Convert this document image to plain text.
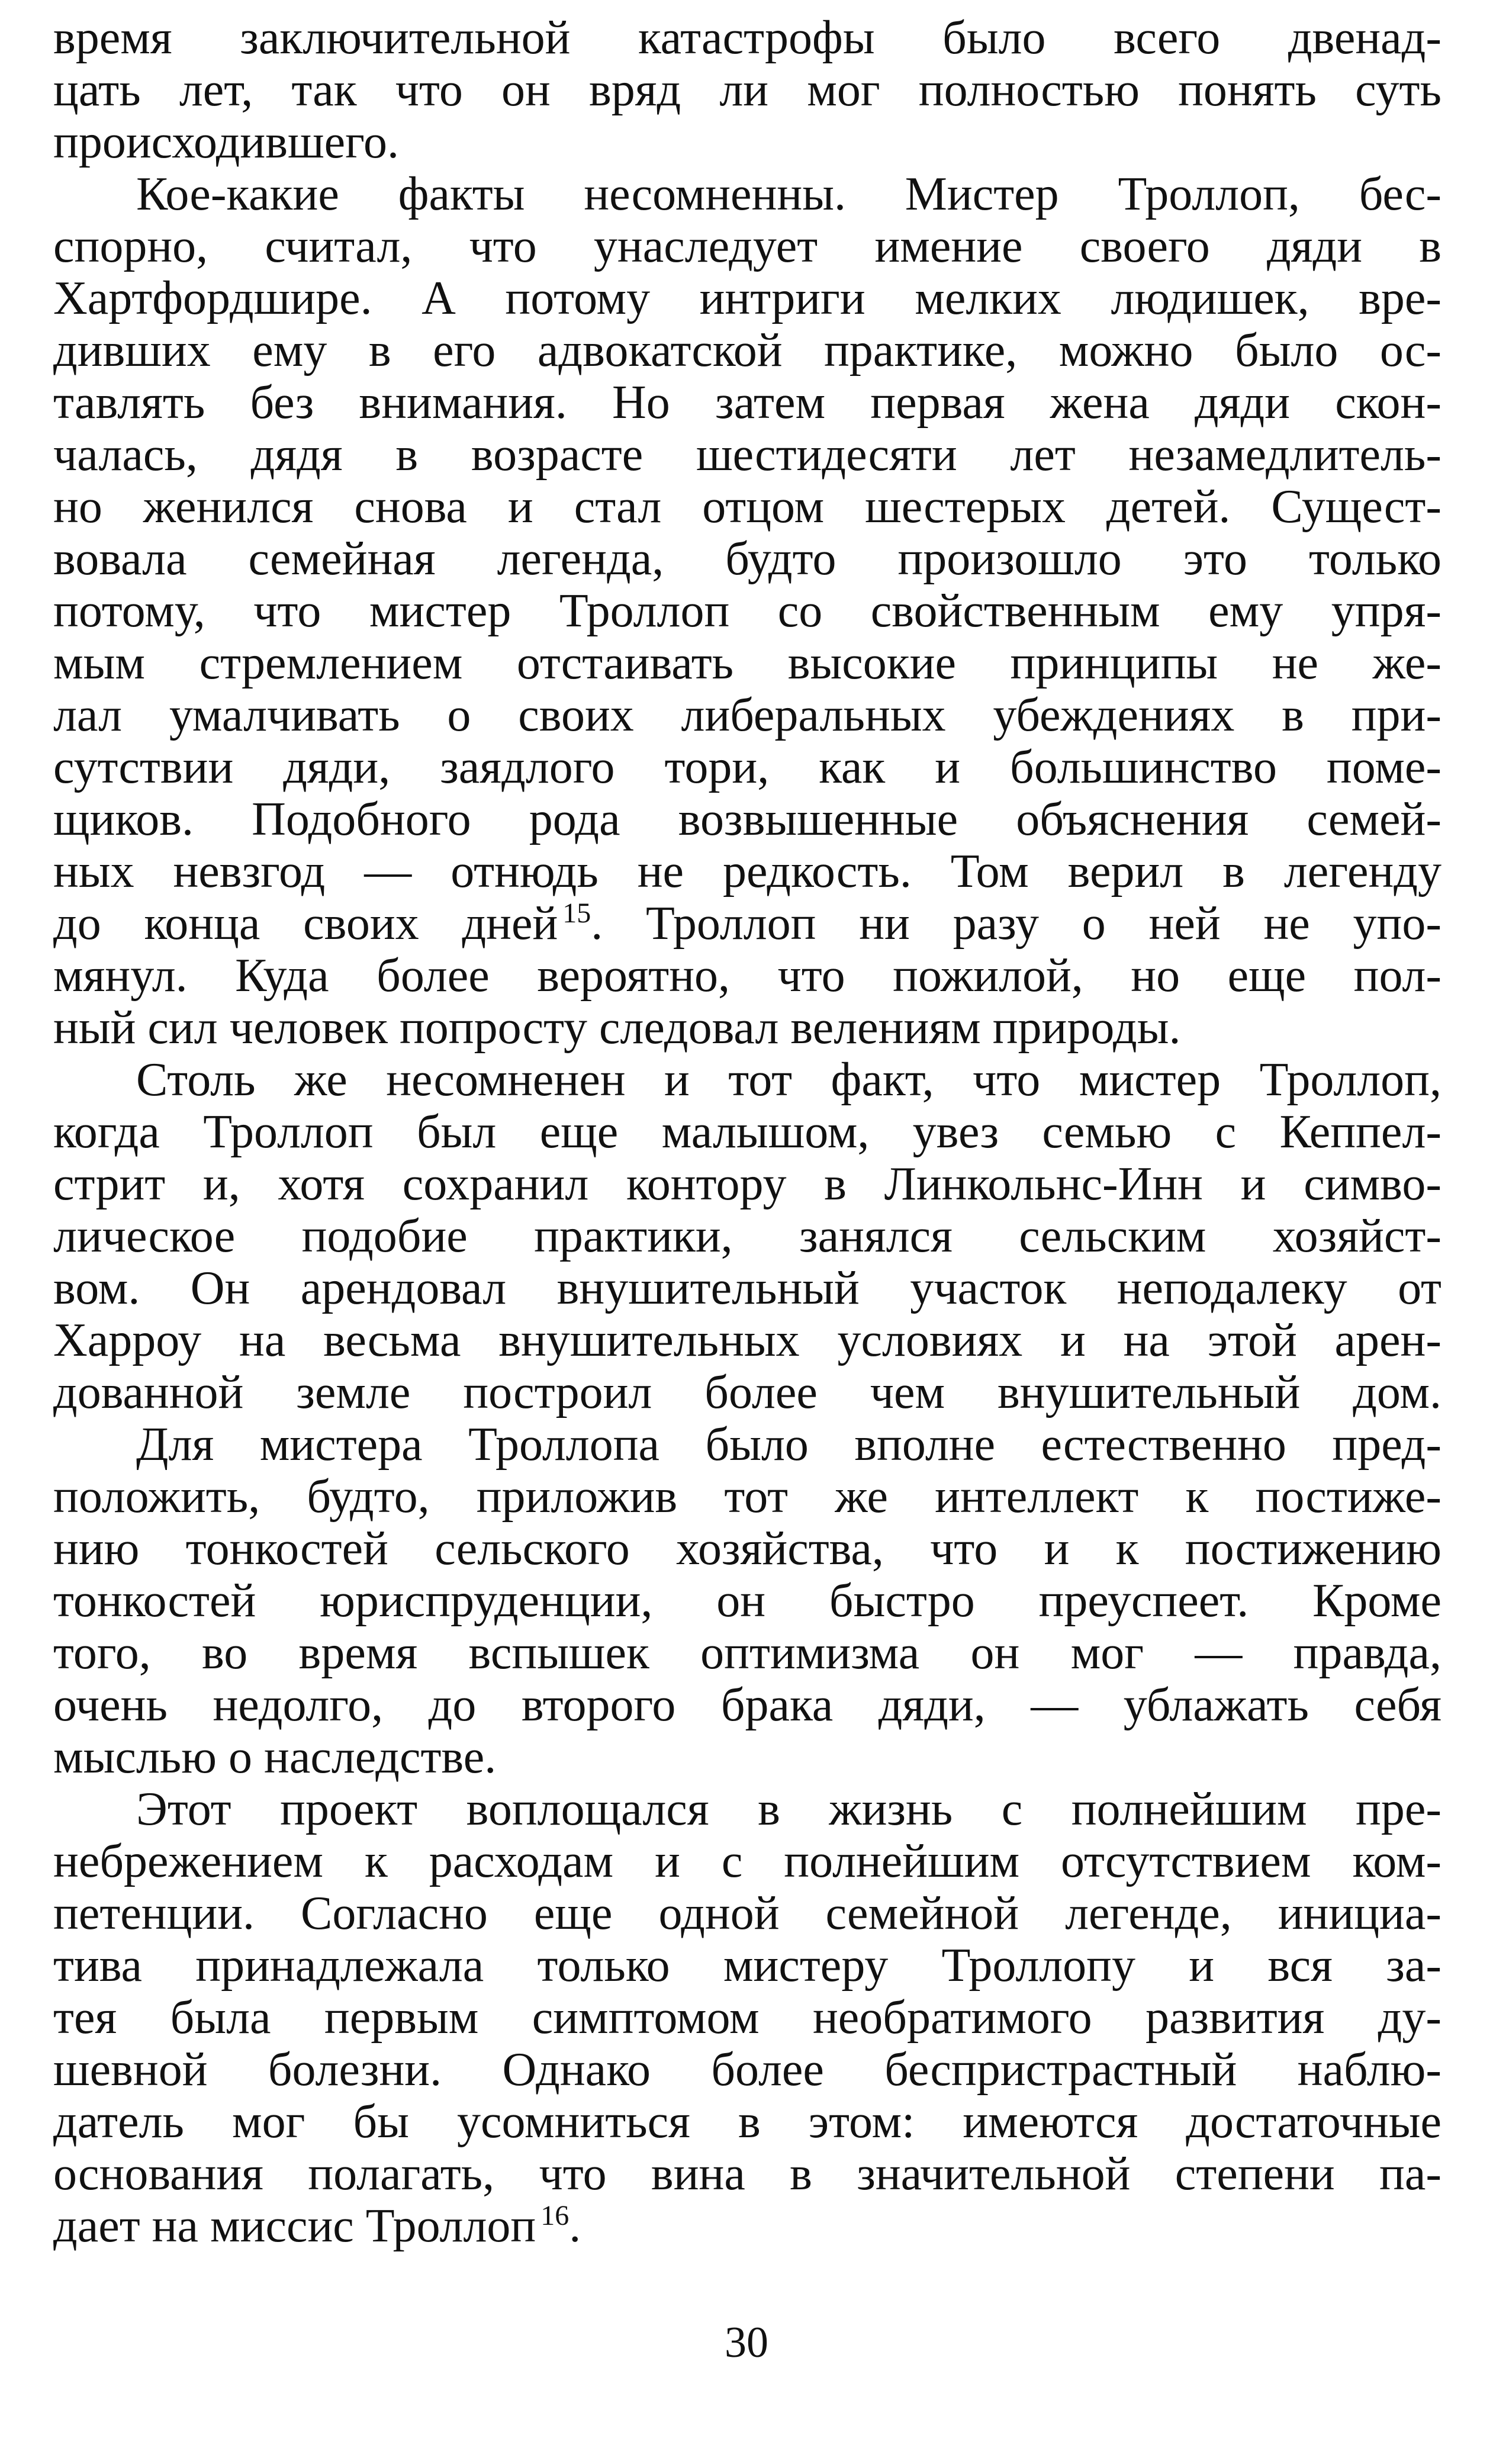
время заключительной катастрофы было всего двенад-
цать лет, так что он вряд ли мог полностью понять суть
происходившего.

Кое-какие факты несомненны. Мистер Троллоп, бес-
спорно, считал, что унаследует имение своего дяди в
Хартфордшире. А потому интриги мелких людишек, вре-
дивших ему в его адвокатской практике, можно было ос-
тавлять без внимания. Но затем первая жена дяди скон-
чалась, дядя в возрасте шестидесяти лет незамедлитель-
но женился снова и стал отцом шестерых детей. Сущест-
вовала семейная легенда, будто произошло это только
потому, что мистер Троллоп со свойственным ему упря-
мым стремлением отстаивать высокие принципы не же-
лал умалчивать о своих либеральных убеждениях в при-
сутствии дяди, заядлого тори, как и большинство поме-
щиков. Подобного рода возвышенные объяснения семей-
ных невзгод — отнюдь не редкость. Том верил в легенду
до конца своих дней $^{15}$. Троллоп ни разу о ней не упо-
мянул. Куда более вероятно, что пожилой, но еще пол-
ный сил человек попросту следовал велениям природы.

Столь же несомненен и тот факт, что мистер Троллоп,
когда Троллоп был еще малышом, увез семью с Кеппел-
стрит и, хотя сохранил контору в Линкольнс-Инн и симво-
лическое подобие практики, занялся сельским хозяйст-
вом. Он арендовал внушительный участок неподалеку от
Харроу на весьма внушительных условиях и на этой арен-
дованной земле построил более чем внушительный дом.

Для мистера Троллопа было вполне естественно пред-
положить, будто, приложив тот же интеллект к постиже-
нию тонкостей сельского хозяйства, что и к постижению
тонкостей юриспруденции, он быстро преуспеет. Кроме
того, во время вспышек оптимизма он мог — правда,
очень недолго, до второго брака дяди, — ублажать себя
мыслью о наследстве.

Этот проект воплощался в жизнь с полнейшим пре-
небрежением к расходам и с полнейшим отсутствием ком-
петенции. Согласно еще одной семейной легенде, инициа-
тива принадлежала только мистеру Троллопу и вся за-
тея была первым симптомом необратимого развития ду-
шевной болезни. Однако более беспристрастный наблю-
датель мог бы усомниться в этом: имеются достаточные
основания полагать, что вина в значительной степени па-
дает на миссис Троллоп $^{16}$.

30
